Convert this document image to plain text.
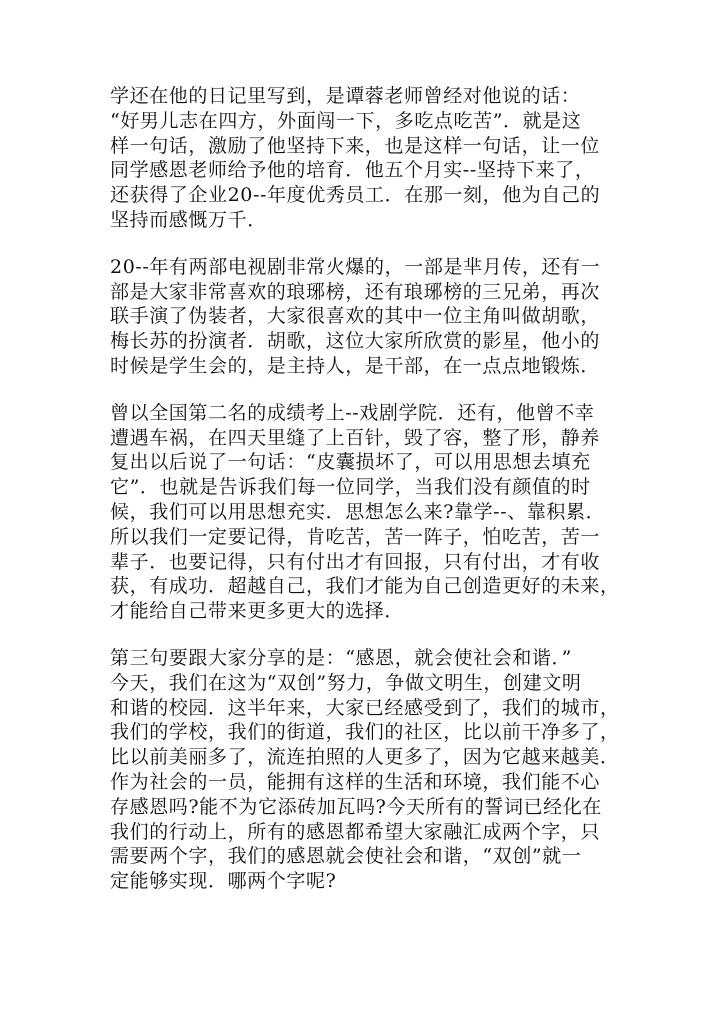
学还在他的日记里写到，是谭蓉老师曾经对他说的话：
“好男儿志在四方，外面闯一下，多吃点吃苦”．就是这
样一句话，激励了他坚持下来，也是这样一句话，让一位
同学感恩老师给予他的培育．他五个月实--坚持下来了，
还获得了企业20--年度优秀员工．在那一刻，他为自己的
坚持而感慨万千．
20--年有两部电视剧非常火爆的，一部是芈月传，还有一
部是大家非常喜欢的琅琊榜，还有琅琊榜的三兄弟，再次
联手演了伪装者，大家很喜欢的其中一位主角叫做胡歌，
梅长苏的扮演者．胡歌，这位大家所欣赏的影星，他小的
时候是学生会的，是主持人，是干部，在一点点地锻炼．
曾以全国第二名的成绩考上--戏剧学院．还有，他曾不幸
遭遇车祸，在四天里缝了上百针，毁了容，整了形，静养
复出以后说了一句话：“皮囊损坏了，可以用思想去填充
它”．也就是告诉我们每一位同学，当我们没有颜值的时
候，我们可以用思想充实．思想怎么来?靠学--、靠积累．
所以我们一定要记得，肯吃苦，苦一阵子，怕吃苦，苦一
辈子．也要记得，只有付出才有回报，只有付出，才有收
获，有成功．超越自己，我们才能为自己创造更好的未来，
才能给自己带来更多更大的选择．
第三句要跟大家分享的是：“感恩，就会使社会和谐．”
今天，我们在这为“双创”努力，争做文明生，创建文明
和谐的校园．这半年来，大家已经感受到了，我们的城市，
我们的学校，我们的街道，我们的社区，比以前干净多了，
比以前美丽多了，流连拍照的人更多了，因为它越来越美．
作为社会的一员，能拥有这样的生活和环境，我们能不心
存感恩吗?能不为它添砖加瓦吗?今天所有的誓词已经化在
我们的行动上，所有的感恩都希望大家融汇成两个字，只
需要两个字，我们的感恩就会使社会和谐，“双创”就一
定能够实现．哪两个字呢?
